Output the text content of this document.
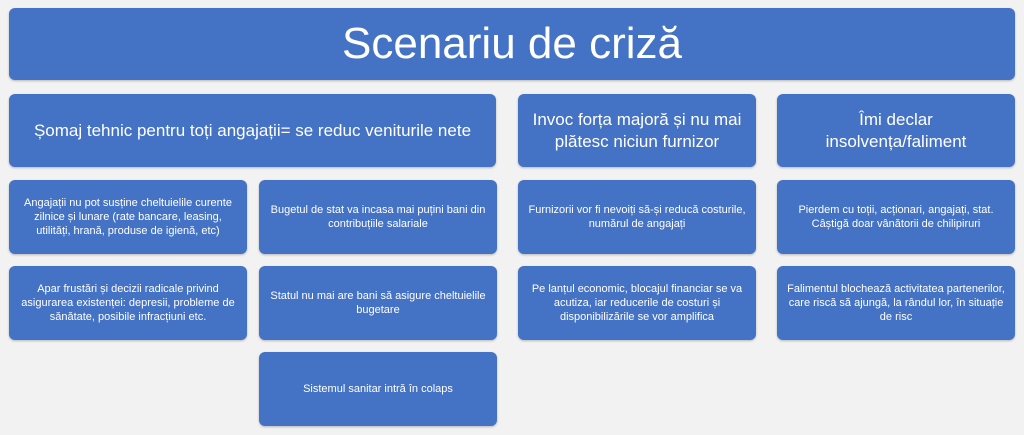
Scenariu de criză
Șomaj tehnic pentru toți angajații= se reduc veniturile nete
Invoc forța majoră și nu mai plătesc niciun furnizor
Îmi declar insolvența/faliment
Angajații nu pot susține cheltuielile curente zilnice și lunare (rate bancare, leasing, utilități, hrană, produse de igienă, etc)
Bugetul de stat va incasa mai puțini bani din contribuțiile salariale
Apar frustări și decizii radicale privind asigurarea existenței: depresii, probleme de sănătate, posibile infracțiuni etc.
Statul nu mai are bani să asigure cheltuielile bugetare
Sistemul sanitar intră în colaps
Furnizorii vor fi nevoiți să-și reducă costurile, numărul de angajați
Pe lanțul economic, blocajul financiar se va acutiza, iar reducerile de costuri și disponibilizările se vor amplifica
Pierdem cu toții, acționari, angajați, stat. Câștigă doar vânătorii de chilipiruri
Falimentul blochează activitatea partenerilor, care riscă să ajungă, la rândul lor, în situație de risc
